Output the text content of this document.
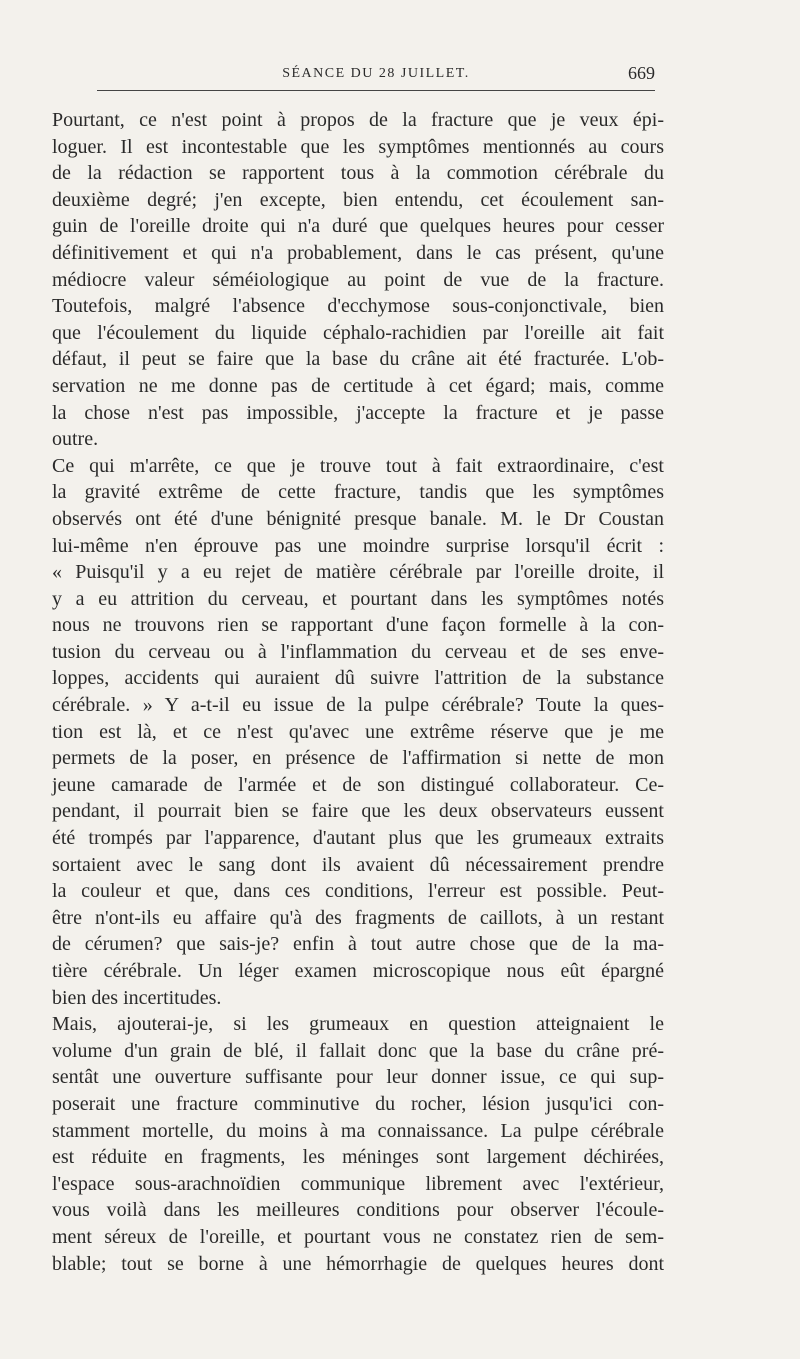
SÉANCE DU 28 JUILLET.	669
Pourtant, ce n'est point à propos de la fracture que je veux épi-
loguer. Il est incontestable que les symptômes mentionnés au cours
de la rédaction se rapportent tous à la commotion cérébrale du
deuxième degré; j'en excepte, bien entendu, cet écoulement san-
guin de l'oreille droite qui n'a duré que quelques heures pour cesser
définitivement et qui n'a probablement, dans le cas présent, qu'une
médiocre valeur séméiologique au point de vue de la fracture.
Toutefois, malgré l'absence d'ecchymose sous-conjonctivale, bien
que l'écoulement du liquide céphalo-rachidien par l'oreille ait fait
défaut, il peut se faire que la base du crâne ait été fracturée. L'ob-
servation ne me donne pas de certitude à cet égard; mais, comme
la chose n'est pas impossible, j'accepte la fracture et je passe
outre.
Ce qui m'arrête, ce que je trouve tout à fait extraordinaire, c'est
la gravité extrême de cette fracture, tandis que les symptômes
observés ont été d'une bénignité presque banale. M. le Dr Coustan
lui-même n'en éprouve pas une moindre surprise lorsqu'il écrit :
« Puisqu'il y a eu rejet de matière cérébrale par l'oreille droite, il
y a eu attrition du cerveau, et pourtant dans les symptômes notés
nous ne trouvons rien se rapportant d'une façon formelle à la con-
tusion du cerveau ou à l'inflammation du cerveau et de ses enve-
loppes, accidents qui auraient dû suivre l'attrition de la substance
cérébrale. » Y a-t-il eu issue de la pulpe cérébrale? Toute la ques-
tion est là, et ce n'est qu'avec une extrême réserve que je me
permets de la poser, en présence de l'affirmation si nette de mon
jeune camarade de l'armée et de son distingué collaborateur. Ce-
pendant, il pourrait bien se faire que les deux observateurs eussent
été trompés par l'apparence, d'autant plus que les grumeaux extraits
sortaient avec le sang dont ils avaient dû nécessairement prendre
la couleur et que, dans ces conditions, l'erreur est possible. Peut-
être n'ont-ils eu affaire qu'à des fragments de caillots, à un restant
de cérumen? que sais-je? enfin à tout autre chose que de la ma-
tière cérébrale. Un léger examen microscopique nous eût épargné
bien des incertitudes.
Mais, ajouterai-je, si les grumeaux en question atteignaient le
volume d'un grain de blé, il fallait donc que la base du crâne pré-
sentât une ouverture suffisante pour leur donner issue, ce qui sup-
poserait une fracture comminutive du rocher, lésion jusqu'ici con-
stamment mortelle, du moins à ma connaissance. La pulpe cérébrale
est réduite en fragments, les méninges sont largement déchirées,
l'espace sous-arachnoïdien communique librement avec l'extérieur,
vous voilà dans les meilleures conditions pour observer l'écoule-
ment séreux de l'oreille, et pourtant vous ne constatez rien de sem-
blable; tout se borne à une hémorrhagie de quelques heures dont
